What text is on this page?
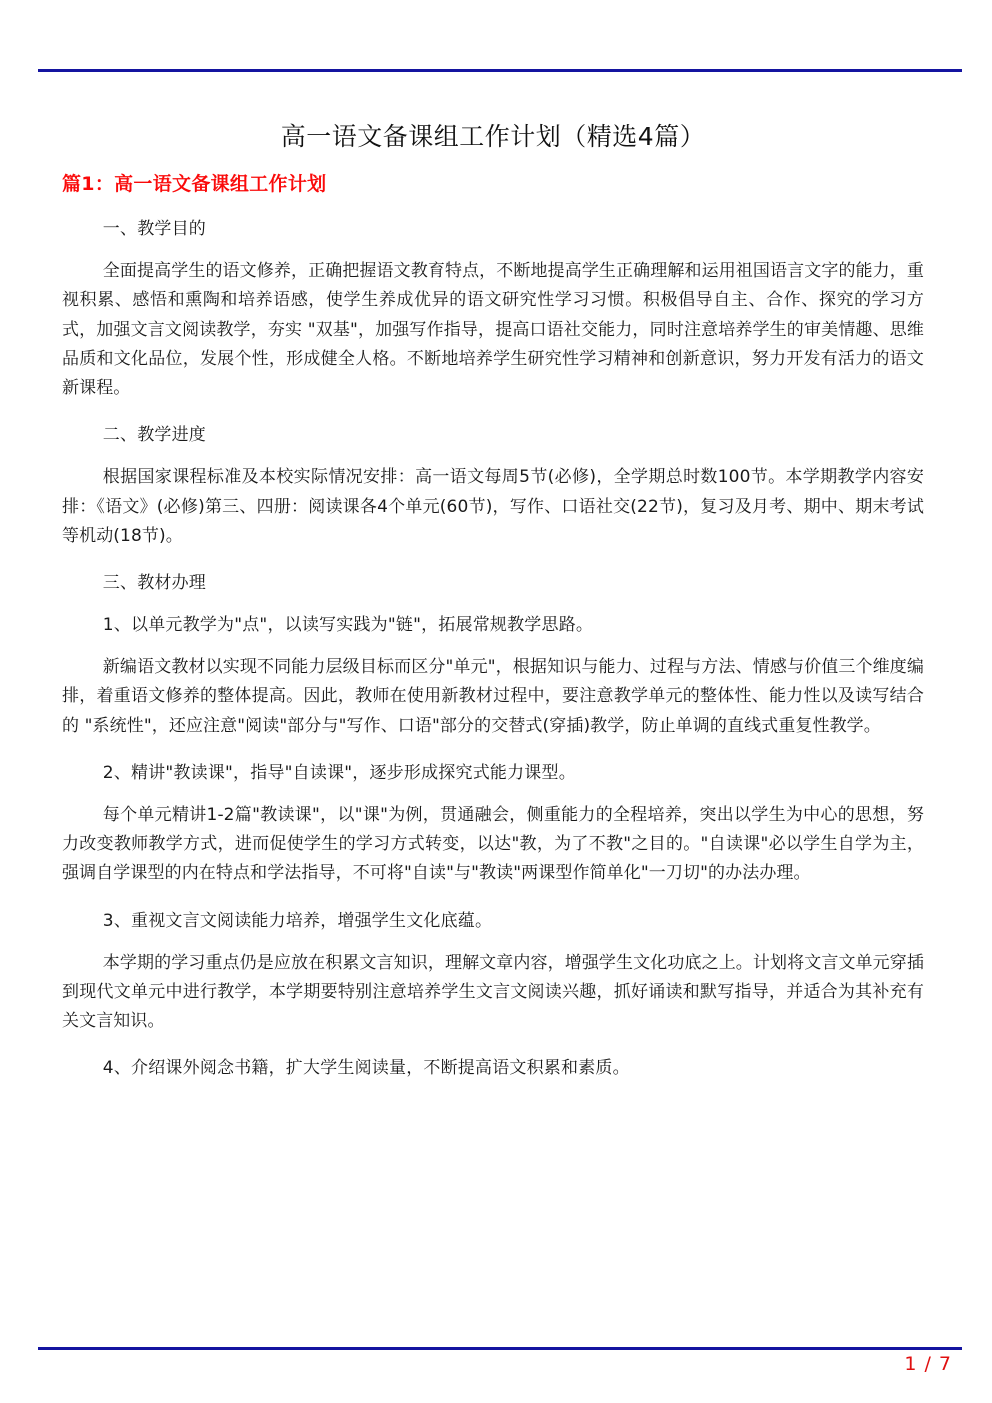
高一语文备课组工作计划（精选4篇）
篇1：高一语文备课组工作计划

一、教学目的

全面提高学生的语文修养，正确把握语文教育特点，不断地提高学生正确理解和运用祖国语言文字的能力，重视积累、感悟和熏陶和培养语感，使学生养成优异的语文研究性学习习惯。积极倡导自主、合作、探究的学习方式，加强文言文阅读教学，夯实 "双基"，加强写作指导，提高口语社交能力，同时注意培养学生的审美情趣、思维品质和文化品位，发展个性，形成健全人格。不断地培养学生研究性学习精神和创新意识，努力开发有活力的语文新课程。

二、教学进度

根据国家课程标准及本校实际情况安排：高一语文每周5节(必修)，全学期总时数100节。本学期教学内容安排：《语文》(必修)第三、四册：阅读课各4个单元(60节)，写作、口语社交(22节)，复习及月考、期中、期末考试等机动(18节)。

三、教材办理

1、以单元教学为"点"，以读写实践为"链"，拓展常规教学思路。

新编语文教材以实现不同能力层级目标而区分"单元"，根据知识与能力、过程与方法、情感与价值三个维度编排，着重语文修养的整体提高。因此，教师在使用新教材过程中，要注意教学单元的整体性、能力性以及读写结合的 "系统性"，还应注意"阅读"部分与"写作、口语"部分的交替式(穿插)教学，防止单调的直线式重复性教学。

2、精讲"教读课"，指导"自读课"，逐步形成探究式能力课型。

每个单元精讲1-2篇"教读课"，以"课"为例，贯通融会，侧重能力的全程培养，突出以学生为中心的思想，努力改变教师教学方式，进而促使学生的学习方式转变，以达"教，为了不教"之目的。"自读课"必以学生自学为主，强调自学课型的内在特点和学法指导，不可将"自读"与"教读"两课型作简单化"一刀切"的办法办理。

3、重视文言文阅读能力培养，增强学生文化底蕴。

本学期的学习重点仍是应放在积累文言知识，理解文章内容，增强学生文化功底之上。计划将文言文单元穿插到现代文单元中进行教学，本学期要特别注意培养学生文言文阅读兴趣，抓好诵读和默写指导，并适合为其补充有关文言知识。

4、介绍课外阅念书籍，扩大学生阅读量，不断提高语文积累和素质。

1 / 7
